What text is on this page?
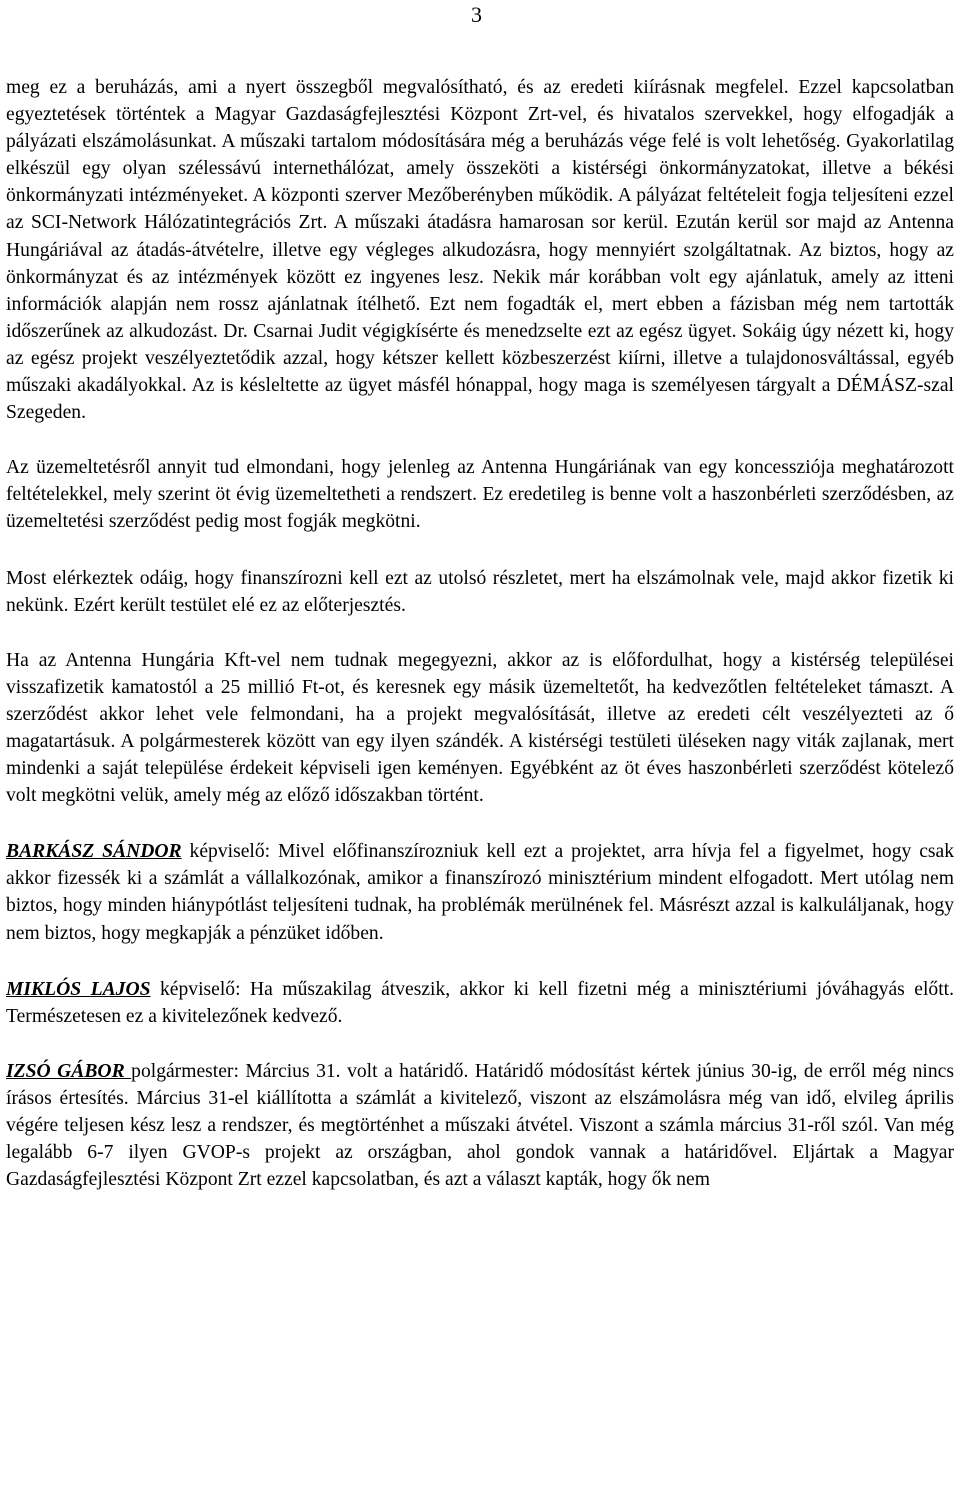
3

meg ez a beruházás, ami a nyert összegből megvalósítható, és az eredeti kiírásnak megfelel. Ezzel kapcsolatban egyeztetések történtek a Magyar Gazdaságfejlesztési Központ Zrt-vel, és hivatalos szervekkel, hogy elfogadják a pályázati elszámolásunkat. A műszaki tartalom módosítására még a beruházás vége felé is volt lehetőség. Gyakorlatilag elkészül egy olyan szélessávú internethálózat, amely összeköti a kistérségi önkormányzatokat, illetve a békési önkormányzati intézményeket. A központi szerver Mezőberényben működik. A pályázat feltételeit fogja teljesíteni ezzel az SCI-Network Hálózatintegrációs Zrt. A műszaki átadásra hamarosan sor kerül. Ezután kerül sor majd az Antenna Hungáriával az átadás-átvételre, illetve egy végleges alkudozásra, hogy mennyiért szolgáltatnak. Az biztos, hogy az önkormányzat és az intézmények között ez ingyenes lesz. Nekik már korábban volt egy ajánlatuk, amely az itteni információk alapján nem rossz ajánlatnak ítélhető. Ezt nem fogadták el, mert ebben a fázisban még nem tartották időszerűnek az alkudozást. Dr. Csarnai Judit végigkísérte és menedzselte ezt az egész ügyet. Sokáig úgy nézett ki, hogy az egész projekt veszélyeztetődik azzal, hogy kétszer kellett közbeszerzést kiírni, illetve a tulajdonosváltással, egyéb műszaki akadályokkal. Az is késleltette az ügyet másfél hónappal, hogy maga is személyesen tárgyalt a DÉMÁSZ-szal Szegeden.

Az üzemeltetésről annyit tud elmondani, hogy jelenleg az Antenna Hungáriának van egy koncessziója meghatározott feltételekkel, mely szerint öt évig üzemeltetheti a rendszert. Ez eredetileg is benne volt a haszonbérleti szerződésben, az üzemeltetési szerződést pedig most fogják megkötni.

Most elérkeztek odáig, hogy finanszírozni kell ezt az utolsó részletet, mert ha elszámolnak vele, majd akkor fizetik ki nekünk. Ezért került testület elé ez az előterjesztés.

Ha az Antenna Hungária Kft-vel nem tudnak megegyezni, akkor az is előfordulhat, hogy a kistérség települései visszafizetik kamatostól a 25 millió Ft-ot, és keresnek egy másik üzemeltetőt, ha kedvezőtlen feltételeket támaszt. A szerződést akkor lehet vele felmondani, ha a projekt megvalósítását, illetve az eredeti célt veszélyezteti az ő magatartásuk. A polgármesterek között van egy ilyen szándék. A kistérségi testületi üléseken nagy viták zajlanak, mert mindenki a saját települése érdekeit képviseli igen keményen. Egyébként az öt éves haszonbérleti szerződést kötelező volt megkötni velük, amely még az előző időszakban történt.

BARKÁSZ SÁNDOR képviselő: Mivel előfinanszírozniuk kell ezt a projektet, arra hívja fel a figyelmet, hogy csak akkor fizessék ki a számlát a vállalkozónak, amikor a finanszírozó minisztérium mindent elfogadott. Mert utólag nem biztos, hogy minden hiánypótlást teljesíteni tudnak, ha problémák merülnének fel. Másrészt azzal is kalkuláljanak, hogy nem biztos, hogy megkapják a pénzüket időben.

MIKLÓS LAJOS képviselő: Ha műszakilag átveszik, akkor ki kell fizetni még a minisztériumi jóváhagyás előtt. Természetesen ez a kivitelezőnek kedvező.

IZSÓ GÁBOR polgármester: Március 31. volt a határidő. Határidő módosítást kértek június 30-ig, de erről még nincs írásos értesítés. Március 31-el kiállította a számlát a kivitelező, viszont az elszámolásra még van idő, elvileg április végére teljesen kész lesz a rendszer, és megtörténhet a műszaki átvétel. Viszont a számla március 31-ről szól. Van még legalább 6-7 ilyen GVOP-s projekt az országban, ahol gondok vannak a határidővel. Eljártak a Magyar Gazdaságfejlesztési Központ Zrt ezzel kapcsolatban, és azt a választ kapták, hogy ők nem
